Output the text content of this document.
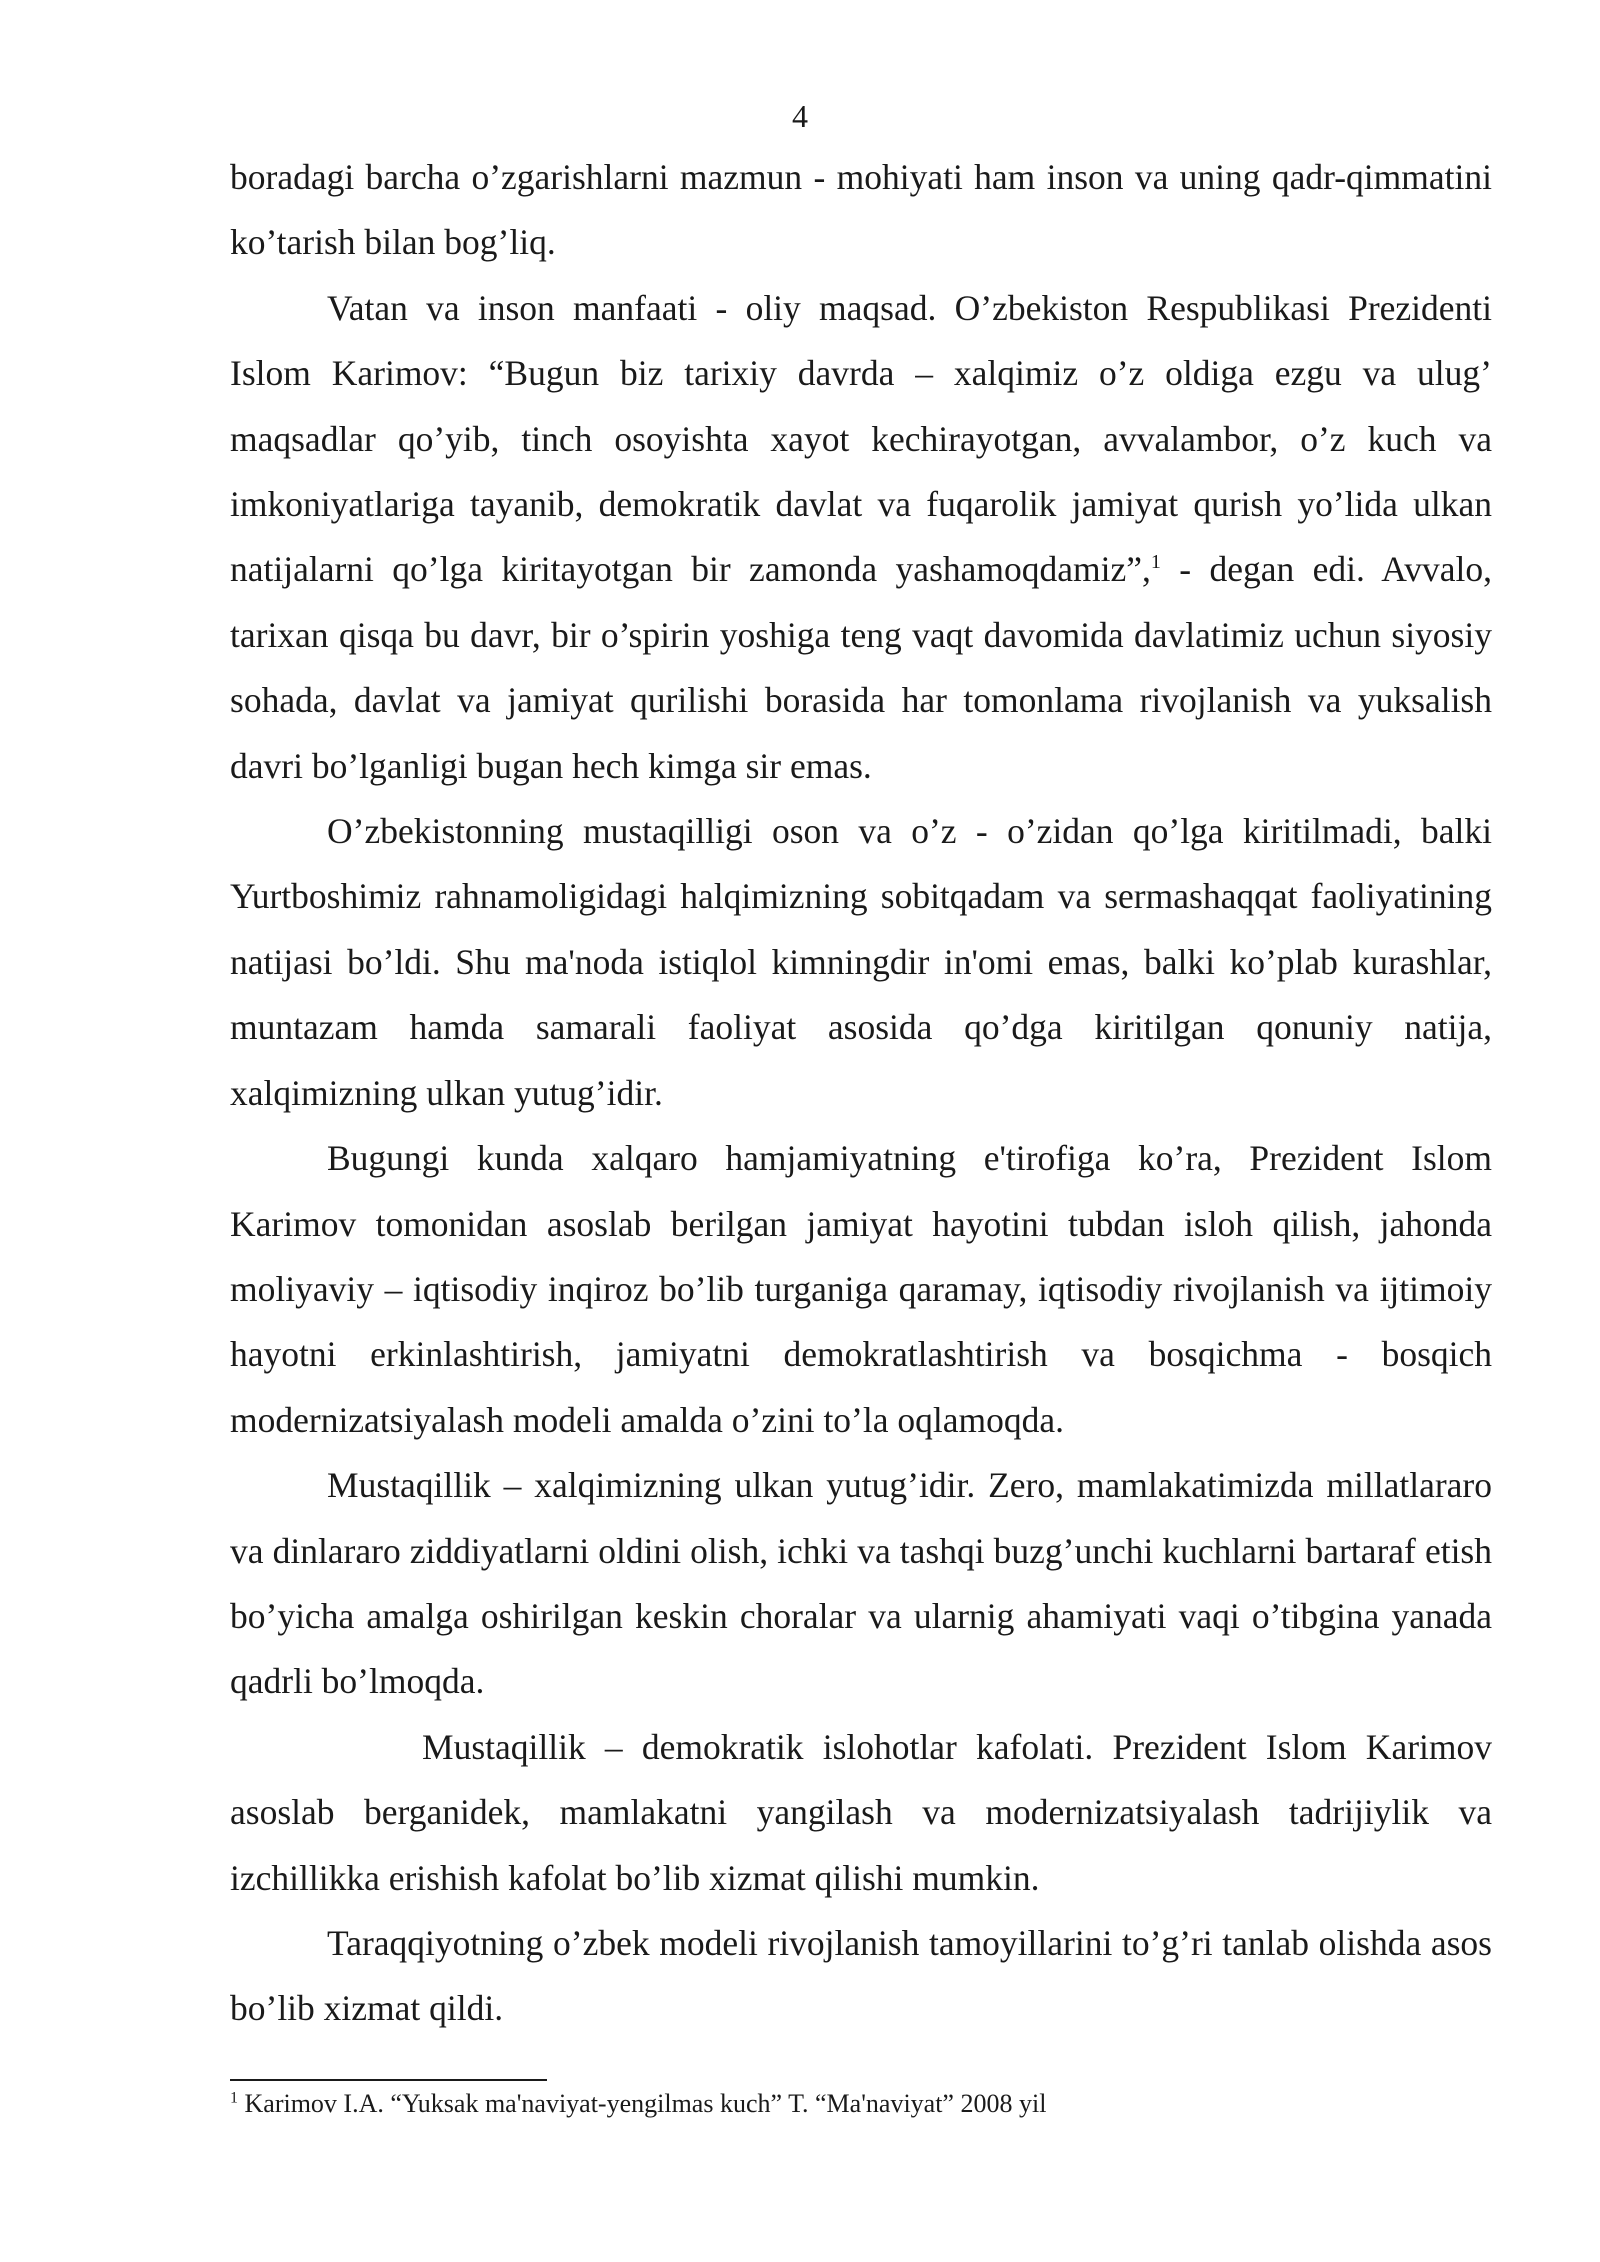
4

boradagi barcha o’zgarishlarni mazmun - mohiyati ham inson va uning qadr-qimmatini ko’tarish bilan bog’liq.

Vatan va inson manfaati - oliy maqsad. O’zbekiston Respublikasi Prezidenti Islom Karimov: “Bugun biz tarixiy davrda – xalqimiz o’z oldiga ezgu va ulug’ maqsadlar qo’yib, tinch osoyishta xayot kechirayotgan, avvalambor, o’z kuch va imkoniyatlariga tayanib, demokratik davlat va fuqarolik jamiyat qurish yo’lida ulkan natijalarni qo’lga kiritayotgan bir zamonda yashamoqdamiz”,$^1$ - degan edi. Avvalo, tarixan qisqa bu davr, bir o’spirin yoshiga teng vaqt davomida davlatimiz uchun siyosiy sohada, davlat va jamiyat qurilishi borasida har tomonlama rivojlanish va yuksalish davri bo’lganligi bugan hech kimga sir emas.

O’zbekistonning mustaqilligi oson va o’z - o’zidan qo’lga kiritilmadi, balki Yurtboshimiz rahnamoligidagi halqimizning sobitqadam va sermashaqqat faoliyatining natijasi bo’ldi. Shu ma'noda istiqlol kimningdir in'omi emas, balki ko’plab kurashlar, muntazam hamda samarali faoliyat asosida qo’dga kiritilgan qonuniy natija, xalqimizning ulkan yutug’idir.

Bugungi kunda xalqaro hamjamiyatning e'tirofiga ko’ra, Prezident Islom Karimov tomonidan asoslab berilgan jamiyat hayotini tubdan isloh qilish, jahonda moliyaviy – iqtisodiy inqiroz bo’lib turganiga qaramay, iqtisodiy rivojlanish va ijtimoiy hayotni erkinlashtirish, jamiyatni demokratlashtirish va bosqichma - bosqich modernizatsiyalash modeli amalda o’zini to’la oqlamoqda.

Mustaqillik – xalqimizning ulkan yutug’idir. Zero, mamlakatimizda millatlararo va dinlararo ziddiyatlarni oldini olish, ichki va tashqi buzg’unchi kuchlarni bartaraf etish bo’yicha amalga oshirilgan keskin choralar va ularnig ahamiyati vaqi o’tibgina yanada qadrli bo’lmoqda.

Mustaqillik – demokratik islohotlar kafolati. Prezident Islom Karimov asoslab berganidek, mamlakatni yangilash va modernizatsiyalash tadrijiylik va izchillikka erishish kafolat bo’lib xizmat qilishi mumkin.

Taraqqiyotning o’zbek modeli rivojlanish tamoyillarini to’g’ri tanlab olishda asos bo’lib xizmat qildi.

$^1$ Karimov I.A. “Yuksak ma'naviyat-yengilmas kuch” T. “Ma'naviyat” 2008 yil
